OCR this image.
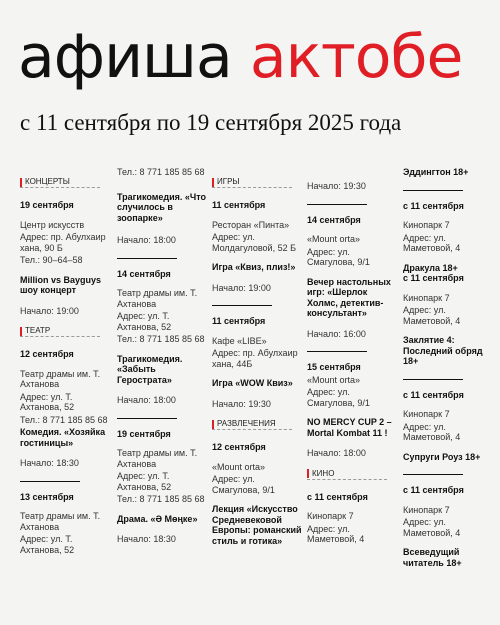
афиша актобе
с 11 сентября по 19 сентября 2025 года
КОНЦЕРТЫ
19 сентября
Центр искусств
Адрес: пр. Абулхаир хана, 90 Б
Тел.: 90–64–58
Million vs Bayguys шоу концерт
Начало: 19:00
ТЕАТР
12 сентября
Театр драмы им. Т. Ахтанова
Адрес: ул. Т. Ахтанова, 52
Тел.: 8 771 185 85 68
Комедия. «Хозяйка гостиницы»
Начало: 18:30
13 сентября
Театр драмы им. Т. Ахтанова
Адрес: ул. Т. Ахтанова, 52
Тел.: 8 771 185 85 68
Трагикомедия. «Что случилось в зоопарке»
Начало: 18:00
14 сентября
Театр драмы им. Т. Ахтанова
Адрес: ул. Т. Ахтанова, 52
Тел.: 8 771 185 85 68
Трагикомедия. «Забыть Герострата»
Начало: 18:00
19 сентября
Театр драмы им. Т. Ахтанова
Адрес: ул. Т. Ахтанова, 52
Тел.: 8 771 185 85 68
Драма. «Ә Мөңке»
Начало: 18:30
ИГРЫ
11 сентября
Ресторан «Пинта»
Адрес: ул. Молдагуловой, 52 Б
Игра «Квиз, плиз!»
Начало: 19:00
11 сентября
Кафе «LIBE»
Адрес: пр. Абулхаир хана, 44Б
Игра «WOW Квиз»
Начало: 19:30
РАЗВЛЕЧЕНИЯ
12 сентября
«Mount orta»
Адрес: ул. Смагулова, 9/1
Лекция «Искусство Средневековой Европы: романский стиль и готика»
Начало: 19:30
14 сентября
«Mount orta»
Адрес: ул. Смагулова, 9/1
Вечер настольных игр: «Шерлок Холмс, детектив-консультант»
Начало: 16:00
15 сентября
«Mount orta»
Адрес: ул. Смагулова, 9/1
NO MERCY CUP 2 – Mortal Kombat 11 !
Начало: 18:00
КИНО
с 11 сентября
Кинопарк 7
Адрес: ул. Маметовой, 4
Эддингтон 18+
с 11 сентября
Кинопарк 7
Адрес: ул. Маметовой, 4
Дракула 18+
с 11 сентября
Кинопарк 7
Адрес: ул. Маметовой, 4
Заклятие 4: Последний обряд 18+
с 11 сентября
Кинопарк 7
Адрес: ул. Маметовой, 4
Супруги Роуз 18+
с 11 сентября
Кинопарк 7
Адрес: ул. Маметовой, 4
Всеведущий читатель 18+
